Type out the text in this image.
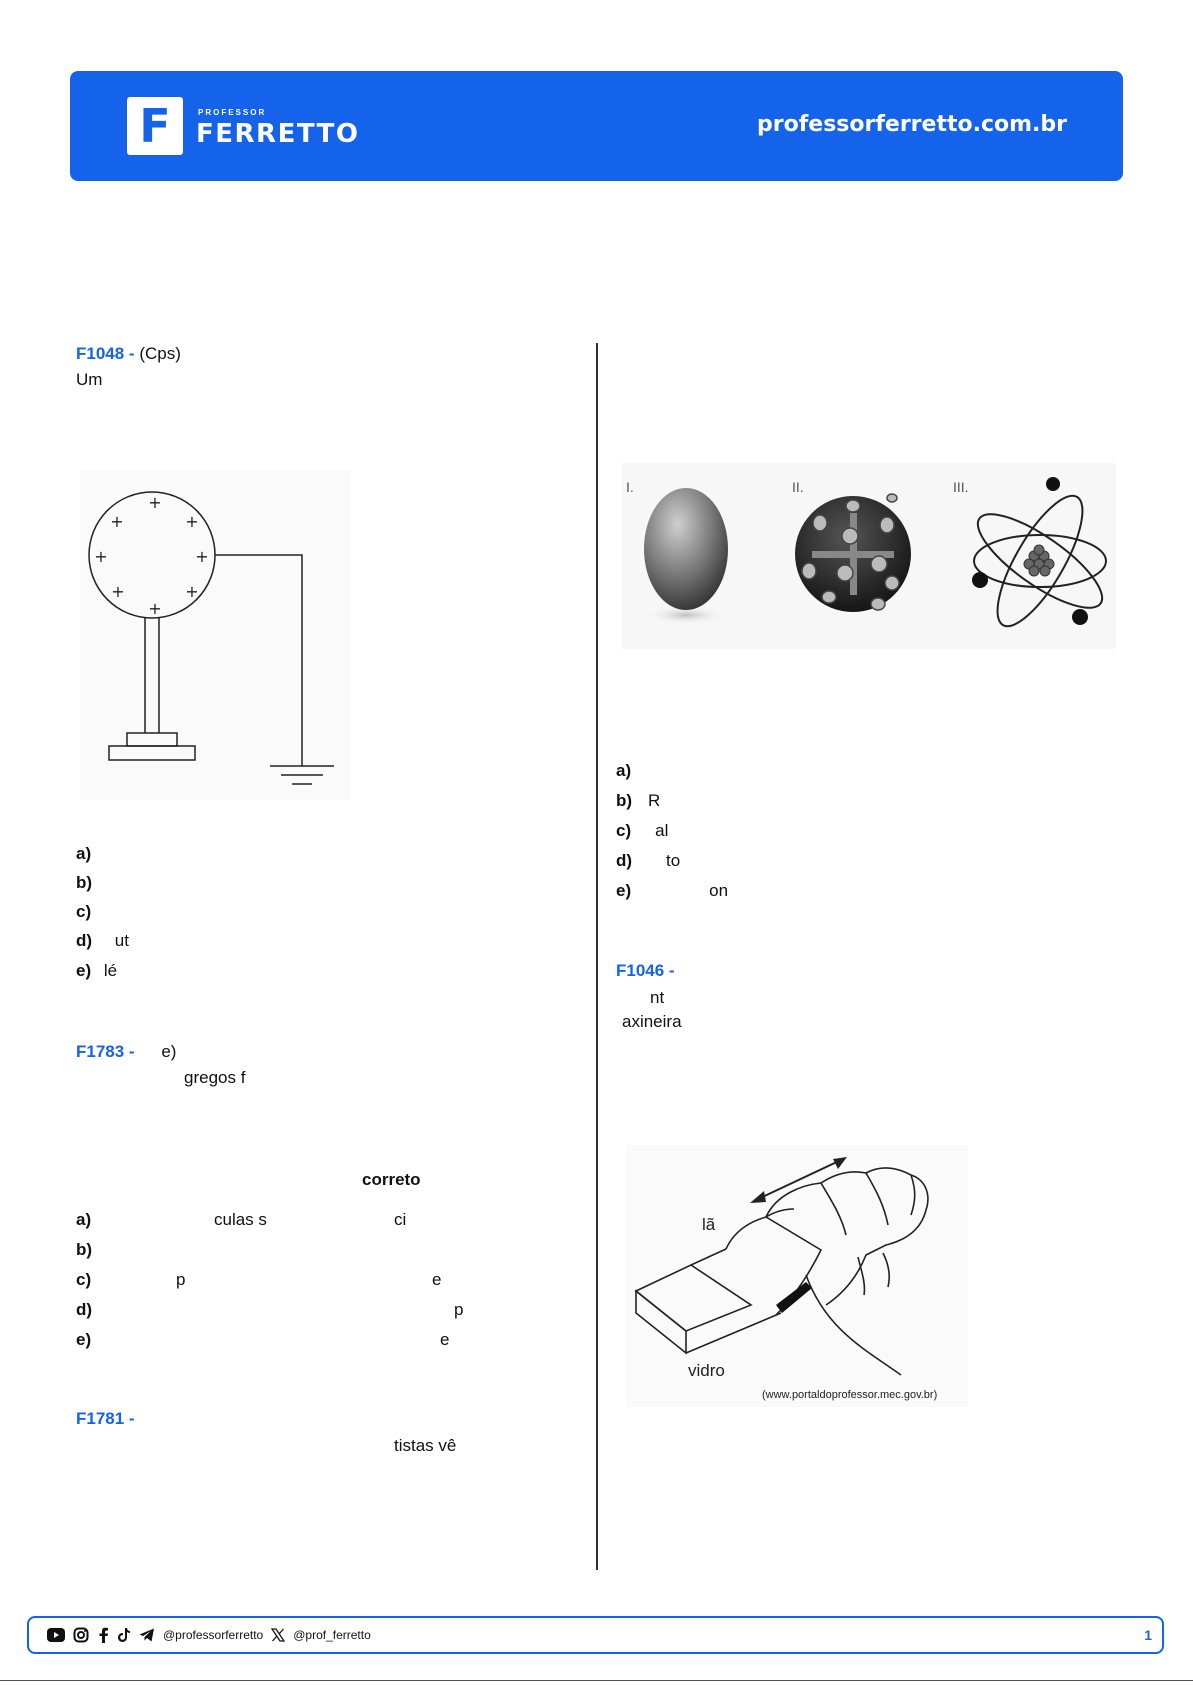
F	PROFESSOR
FERRETTO	professorferretto.com.br
F1048 - (Cps)
Um
+
+	+
+	+
+	+
+
a)
b)
c)
d) ut
e) lé
F1783 - e)
gregos f
correto
a)	culas s	ci
b)
c)	p	e
d)	p
e)	e
F1781 -
tistas vê
I.	II.	III.
a)
b) R
c) al
d) to
e)	on
F1046 -
nt
axineira
lã
vidro
(www.portaldoprofessor.mec.gov.br)
@professorferretto	@prof_ferretto	1
